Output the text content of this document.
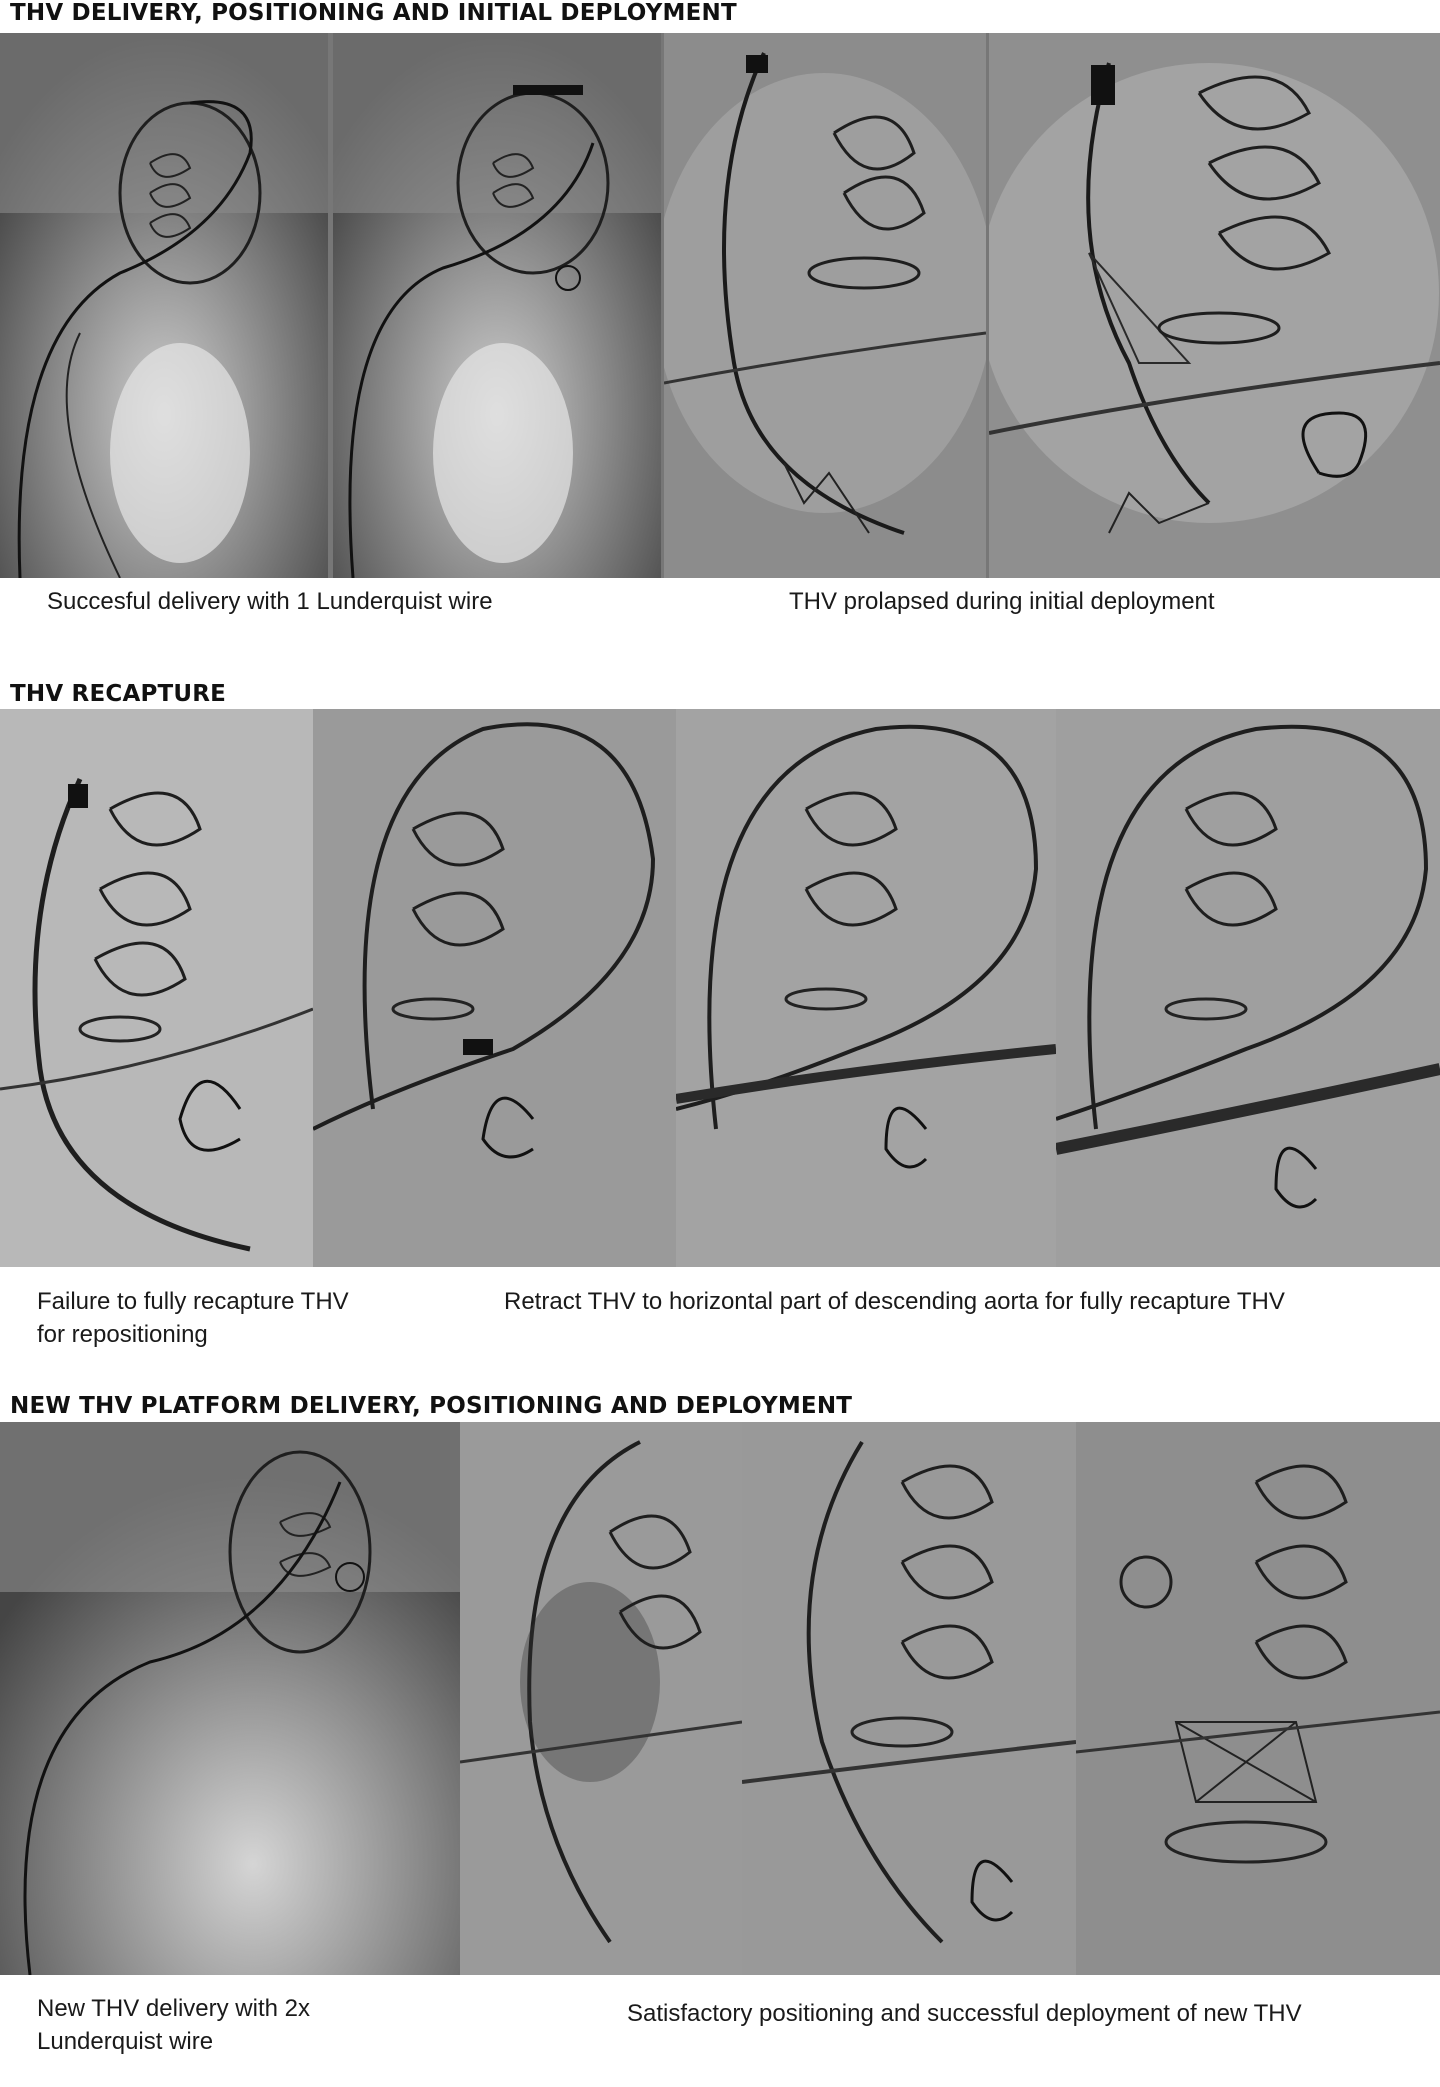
THV DELIVERY, POSITIONING AND INITIAL DEPLOYMENT
Succesful delivery with 1 Lunderquist wire	THV prolapsed during initial deployment
THV RECAPTURE
Failure to fully recapture THV for repositioning
Retract THV to horizontal part of descending aorta for fully recapture THV
NEW THV PLATFORM DELIVERY, POSITIONING AND DEPLOYMENT
New THV delivery with 2x Lunderquist wire
Satisfactory positioning and successful deployment of new THV
